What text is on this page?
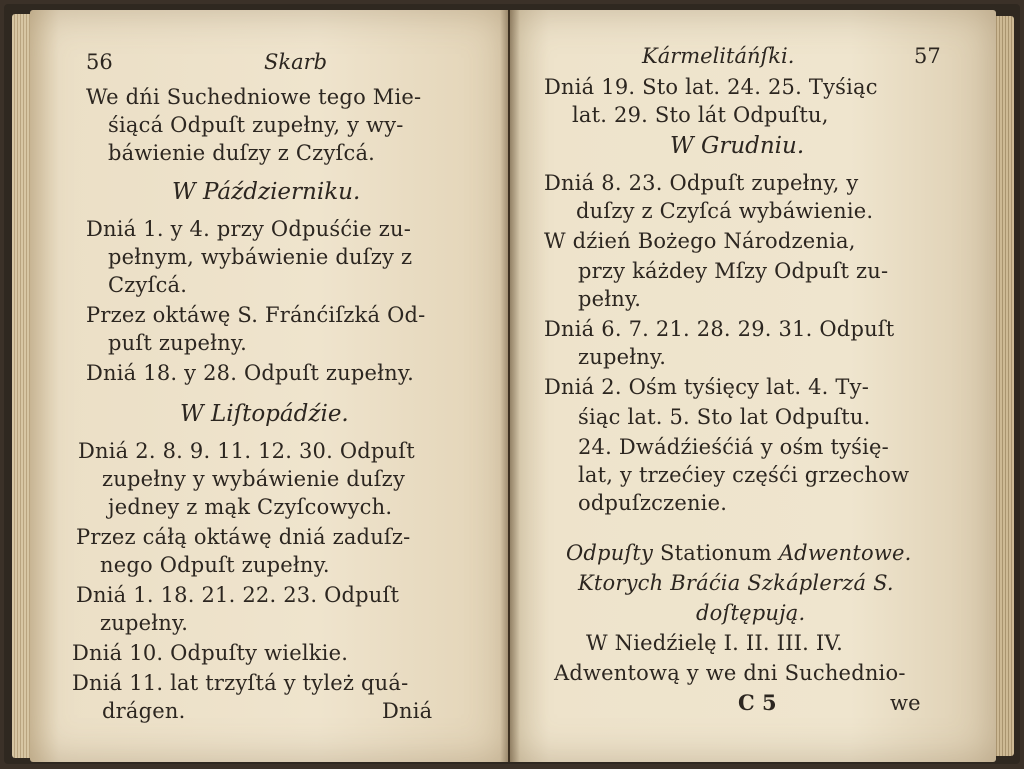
56	Skarb
We dńi Suchedniowe tego Mie-
śiącá Odpuſt zupełny, y wy-
báwienie duſzy z Czyſcá.
W Páździerniku.
Dniá 1. y 4. przy Odpuśćie zu-
pełnym, wybáwienie duſzy z
Czyſcá.
Przez oktáwę S. Fránćiſzká Od-
puſt zupełny.
Dniá 18. y 28. Odpuſt zupełny.
W Liſtopádźie.
Dniá 2. 8. 9. 11. 12. 30. Odpuſt
zupełny y wybáwienie duſzy
jedney z mąk Czyſcowych.
Przez cáłą oktáwę dniá zaduſz-
nego Odpuſt zupełny.
Dniá 1. 18. 21. 22. 23. Odpuſt
zupełny.
Dniá 10. Odpuſty wielkie.
Dniá 11. lat trzyſtá y tyleż quá-
drágen.	Dniá
Kármelitáńſki.	57
Dniá 19. Sto lat. 24. 25. Tyśiąc
lat. 29. Sto lát Odpuſtu,
W Grudniu.
Dniá 8. 23. Odpuſt zupełny, y
duſzy z Czyſcá wybáwienie.
W dźień Bożego Národzenia,
przy káżdey Mſzy Odpuſt zu-
pełny.
Dniá 6. 7. 21. 28. 29. 31. Odpuſt
zupełny.
Dniá 2. Ośm tyśięcy lat. 4. Ty-
śiąc lat. 5. Sto lat Odpuſtu.
24. Dwádźieśćiá y ośm tyśię-
lat, y trzećiey częśći grzechow
odpuſzczenie.
Odpuſty Stationum Adwentowe.
Ktorych Bráćia Szkáplerzá S.
doſtępują.
W Niedźielę I. II. III. IV.
Adwentową y we dni Suchednio-
C 5	we
